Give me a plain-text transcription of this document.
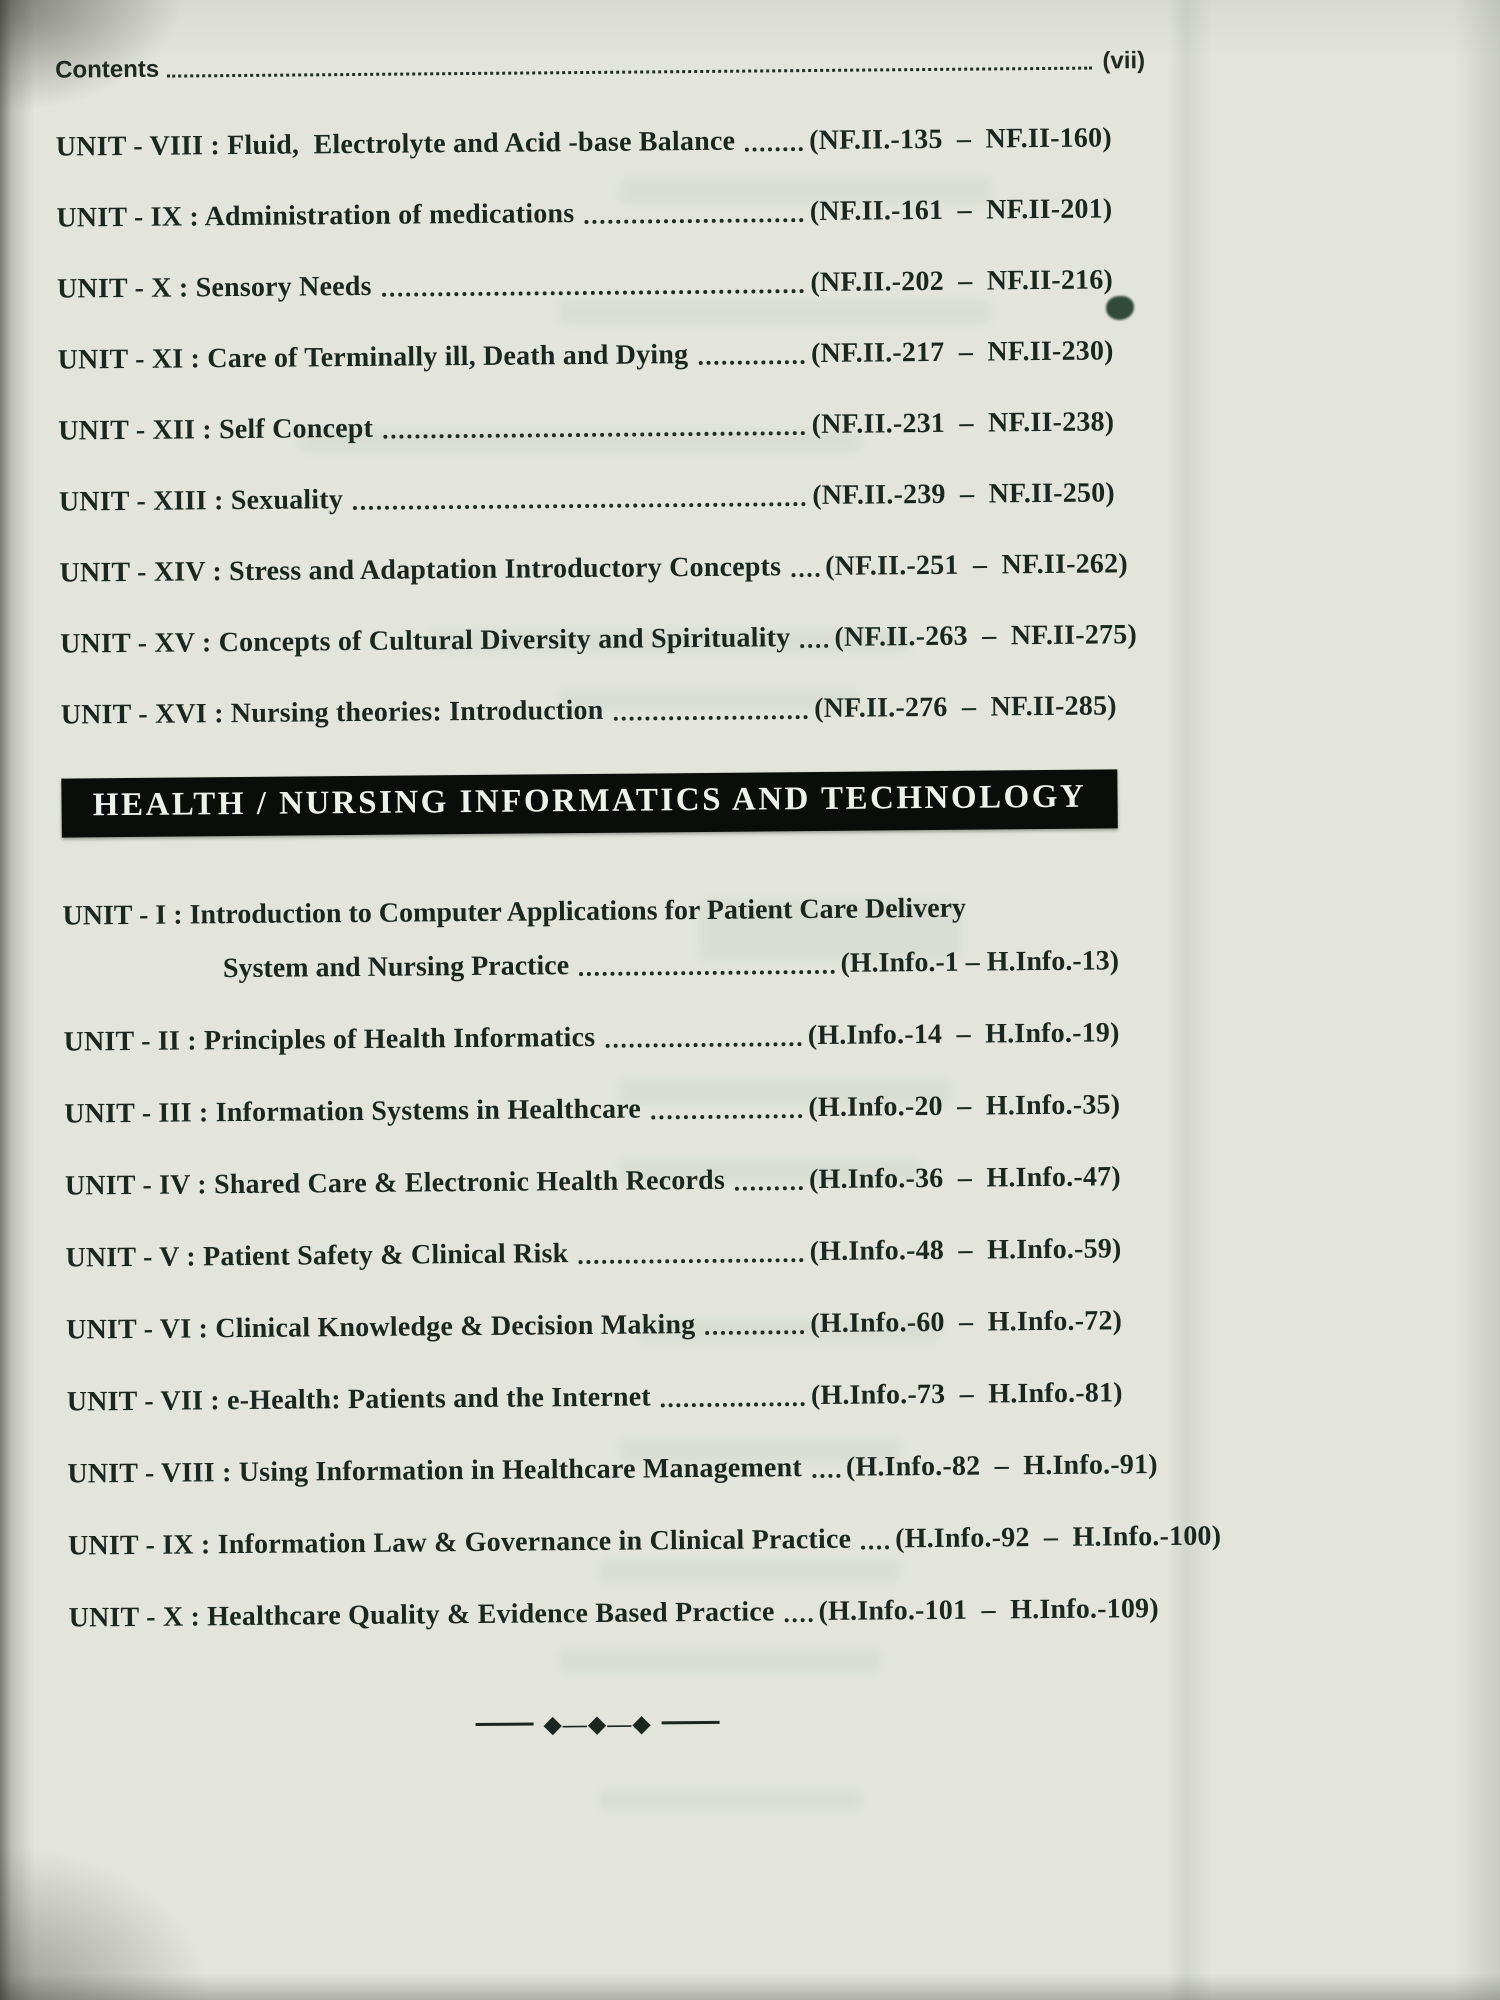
Contents	(vii)
UNIT - VIII : Fluid,  Electrolyte and Acid -base Balance	(NF.II.-135  –  NF.II-160)
UNIT - IX : Administration of medications	(NF.II.-161  –  NF.II-201)
UNIT - X : Sensory Needs	(NF.II.-202  –  NF.II-216)
UNIT - XI : Care of Terminally ill, Death and Dying	(NF.II.-217  –  NF.II-230)
UNIT - XII : Self Concept	(NF.II.-231  –  NF.II-238)
UNIT - XIII : Sexuality	(NF.II.-239  –  NF.II-250)
UNIT - XIV : Stress and Adaptation Introductory Concepts (NF.II.-251  –  NF.II-262)
UNIT - XV : Concepts of Cultural Diversity and Spirituality (NF.II.-263  –  NF.II-275)
UNIT - XVI : Nursing theories: Introduction	(NF.II.-276  –  NF.II-285)
HEALTH / NURSING INFORMATICS AND TECHNOLOGY
UNIT - I : Introduction to Computer Applications for Patient Care Delivery
System and Nursing Practice	(H.Info.-1 – H.Info.-13)
UNIT - II : Principles of Health Informatics	(H.Info.-14  –  H.Info.-19)
UNIT - III : Information Systems in Healthcare	(H.Info.-20  –  H.Info.-35)
UNIT - IV : Shared Care & Electronic Health Records	(H.Info.-36  –  H.Info.-47)
UNIT - V : Patient Safety & Clinical Risk	(H.Info.-48  –  H.Info.-59)
UNIT - VI : Clinical Knowledge & Decision Making	(H.Info.-60  –  H.Info.-72)
UNIT - VII : e-Health: Patients and the Internet	(H.Info.-73  –  H.Info.-81)
UNIT - VIII : Using Information in Healthcare Management (H.Info.-82  –  H.Info.-91)
UNIT - IX : Information Law & Governance in Clinical Practice (H.Info.-92  –  H.Info.-100)
UNIT - X : Healthcare Quality & Evidence Based Practice (H.Info.-101  –  H.Info.-109)
◆—◆—◆
